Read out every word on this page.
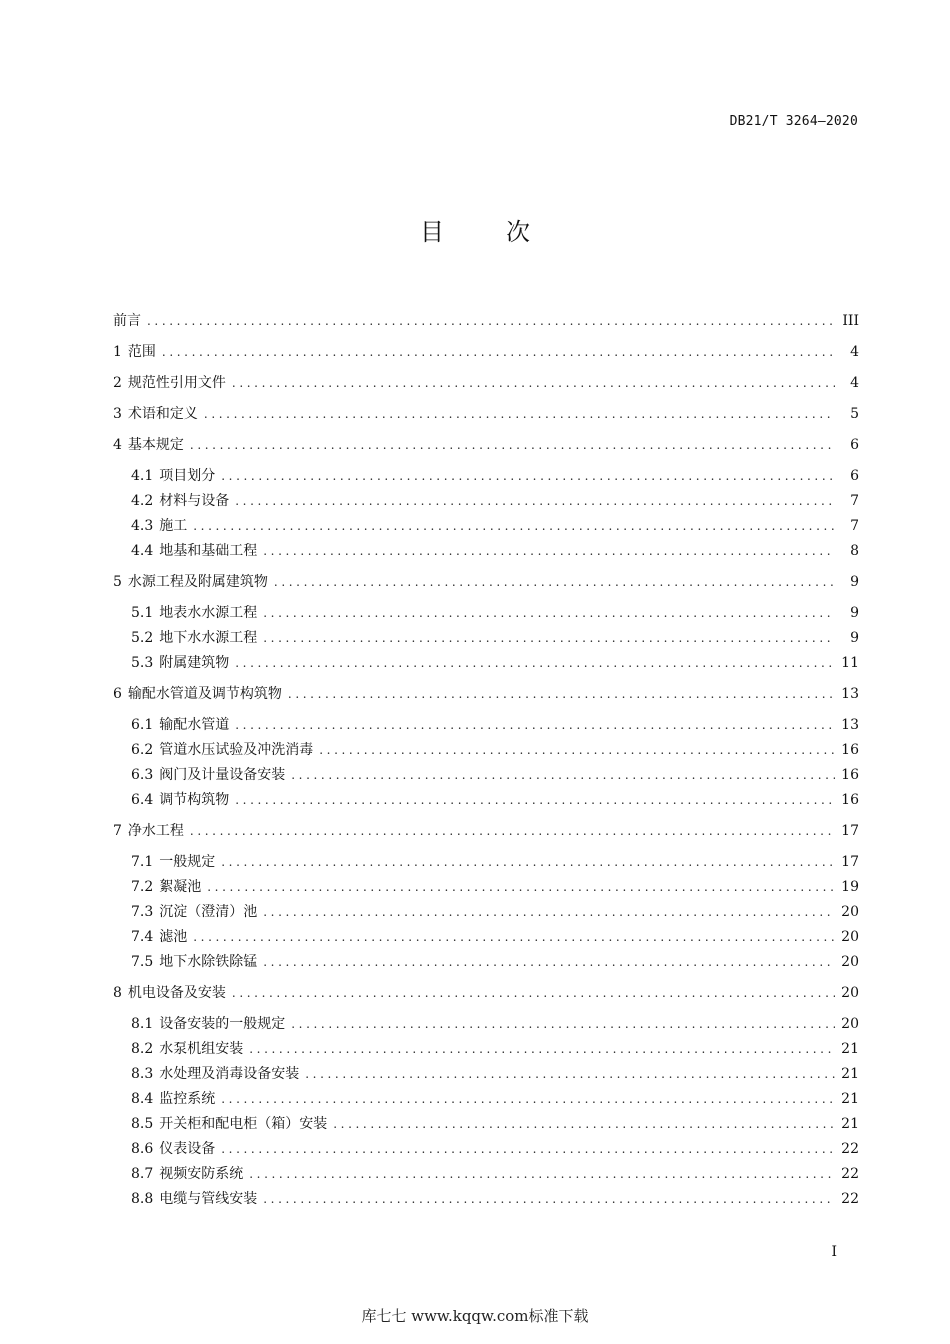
DB21/T 3264—2020
目次
前言 .....	III
1 范围 .....	4
2 规范性引用文件 .....	4
3 术语和定义 .....	5
4 基本规定 .....	6
4.1 项目划分 .....	6
4.2 材料与设备 .....	7
4.3 施工 .....	7
4.4 地基和基础工程 .....	8
5 水源工程及附属建筑物 .....	9
5.1 地表水水源工程 .....	9
5.2 地下水水源工程 .....	9
5.3 附属建筑物 .....	11
6 输配水管道及调节构筑物 .....	13
6.1 输配水管道 .....	13
6.2 管道水压试验及冲洗消毒 .....	16
6.3 阀门及计量设备安装 .....	16
6.4 调节构筑物 .....	16
7 净水工程 .....	17
7.1 一般规定 .....	17
7.2 絮凝池 .....	19
7.3 沉淀（澄清）池 .....	20
7.4 滤池 .....	20
7.5 地下水除铁除锰 .....	20
8 机电设备及安装 .....	20
8.1 设备安装的一般规定 .....	20
8.2 水泵机组安装 .....	21
8.3 水处理及消毒设备安装 .....	21
8.4 监控系统 .....	21
8.5 开关柜和配电柜（箱）安装 .....	21
8.6 仪表设备 .....	22
8.7 视频安防系统 .....	22
8.8 电缆与管线安装 .....	22
I
库七七 www.kqqw.com标准下载
